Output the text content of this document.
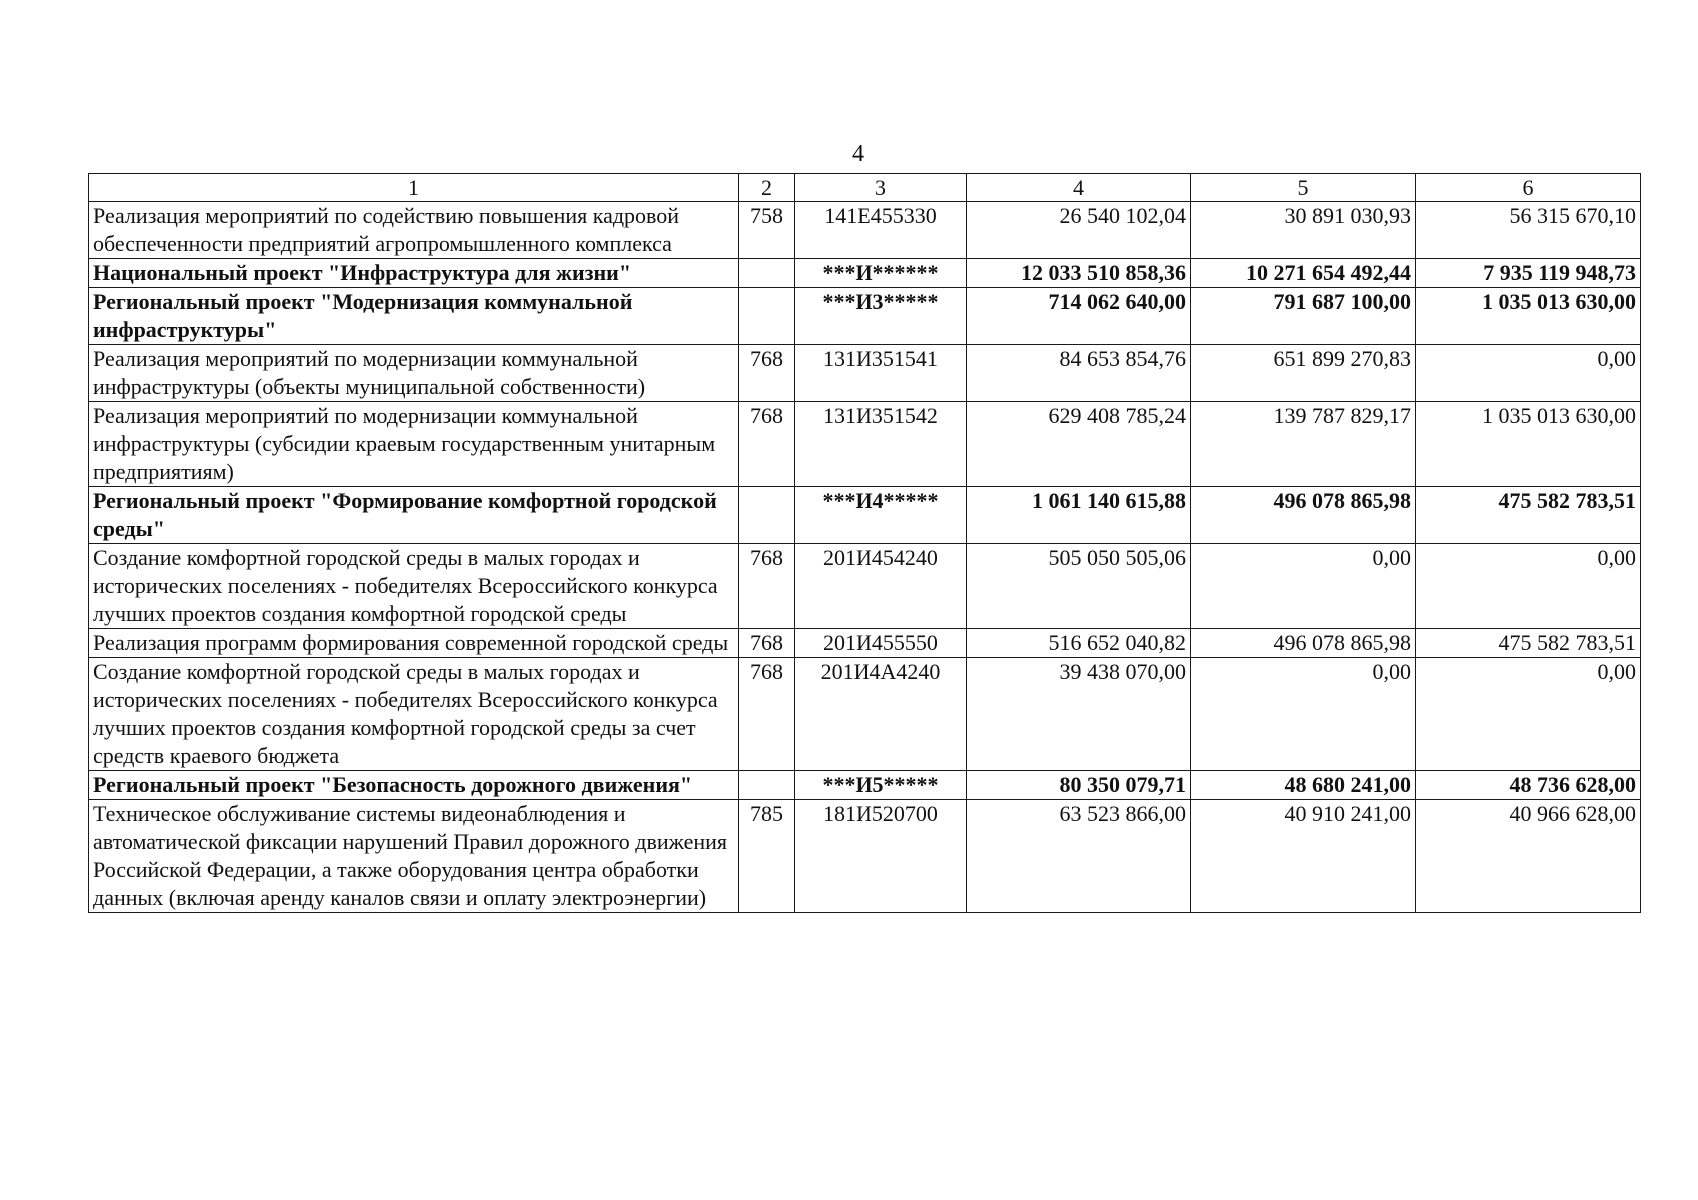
4
1	2	3	4	5	6
Реализация мероприятий по содействию повышения кадровой обеспеченности предприятий агропромышленного комплекса	758	141E455330	26 540 102,04	30 891 030,93	56 315 670,10
Национальный проект "Инфраструктура для жизни"		***И******	12 033 510 858,36	10 271 654 492,44	7 935 119 948,73
Региональный проект "Модернизация коммунальной инфраструктуры"		***И3*****	714 062 640,00	791 687 100,00	1 035 013 630,00
Реализация мероприятий по модернизации коммунальной инфраструктуры (объекты муниципальной собственности)	768	131И351541	84 653 854,76	651 899 270,83	0,00
Реализация мероприятий по модернизации коммунальной инфраструктуры (субсидии краевым государственным унитарным предприятиям)	768	131И351542	629 408 785,24	139 787 829,17	1 035 013 630,00
Региональный проект "Формирование комфортной городской среды"		***И4*****	1 061 140 615,88	496 078 865,98	475 582 783,51
Создание комфортной городской среды в малых городах и исторических поселениях - победителях Всероссийского конкурса лучших проектов создания комфортной городской среды	768	201И454240	505 050 505,06	0,00	0,00
Реализация программ формирования современной городской среды	768	201И455550	516 652 040,82	496 078 865,98	475 582 783,51
Создание комфортной городской среды в малых городах и исторических поселениях - победителях Всероссийского конкурса лучших проектов создания комфортной городской среды за счет средств краевого бюджета	768	201И4А4240	39 438 070,00	0,00	0,00
Региональный проект "Безопасность дорожного движения"		***И5*****	80 350 079,71	48 680 241,00	48 736 628,00
Техническое обслуживание системы видеонаблюдения и автоматической фиксации нарушений Правил дорожного движения Российской Федерации, а также оборудования центра обработки данных (включая аренду каналов связи и оплату электроэнергии)	785	181И520700	63 523 866,00	40 910 241,00	40 966 628,00
